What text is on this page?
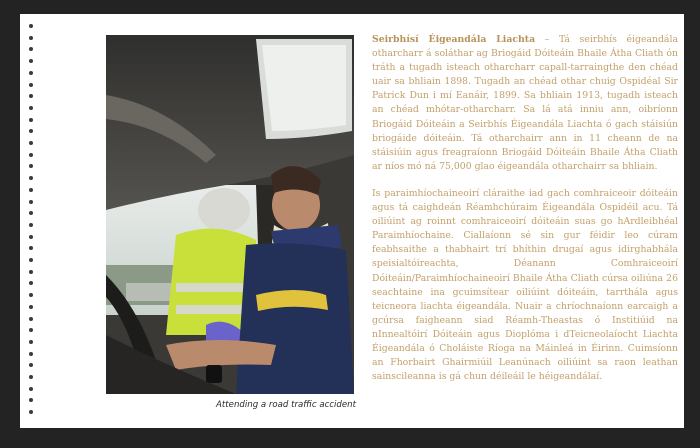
Attending a road traffic accident

Seirbhísí Éigeandála Liachta – Tá seirbhís éigeandála otharcharr á soláthar ag Briogáid Dóiteáin Bhaile Átha Cliath ón tráth a tugadh isteach otharcharr capall-tarraingthe den chéad uair sa bhliain 1898. Tugadh an chéad othar chuig Ospidéal Sir Patrick Dun i mí Eanáir, 1899. Sa bhliain 1913, tugadh isteach an chéad mhótar-otharcharr. Sa lá atá inniu ann, oibríonn Briogáid Dóiteáin a Seirbhís Éigeandála Liachta ó gach stáisiún briogáide dóiteáin. Tá otharchairr ann in 11 cheann de na stáisiúin agus freagraíonn Briogáid Dóiteáin Bhaile Átha Cliath ar níos mó ná 75,000 glao éigeandála otharchairr sa bhliain.

Is paraimhíochaineoirí cláraithe iad gach comhraiceoir dóiteáin agus tá caighdeán Réamhchúraim Éigeandála Ospidéil acu. Tá oiliúint ag roinnt comhraiceoirí dóiteáin suas go hArdleibhéal Paraimhíochaine. Ciallaíonn sé sin gur féidir leo cúram feabhsaithe a thabhairt trí bhíthin drugaí agus idirghabhála speisialtóireachta, Déanann Comhraiceoirí Dóiteáin/Paraimhíochaineoirí Bhaile Átha Cliath cúrsa oiliúna 26 seachtaine ina gcuimsítear oiliúint dóiteáin, tarrthála agus teicneora liachta éigeandála. Nuair a chríochnaíonn earcaigh a gcúrsa faigheann siad Réamh-Theastas ó Institiúid na nInnealtóirí Dóiteáin agus Dioplóma i dTeicneolaíocht Liachta Éigeandála ó Choláiste Ríoga na Máinleá in Éirinn. Cuimsíonn an Fhorbairt Ghairmiúil Leanúnach oiliúint sa raon leathan sainscileanna is gá chun déileáil le héigeandálaí.
